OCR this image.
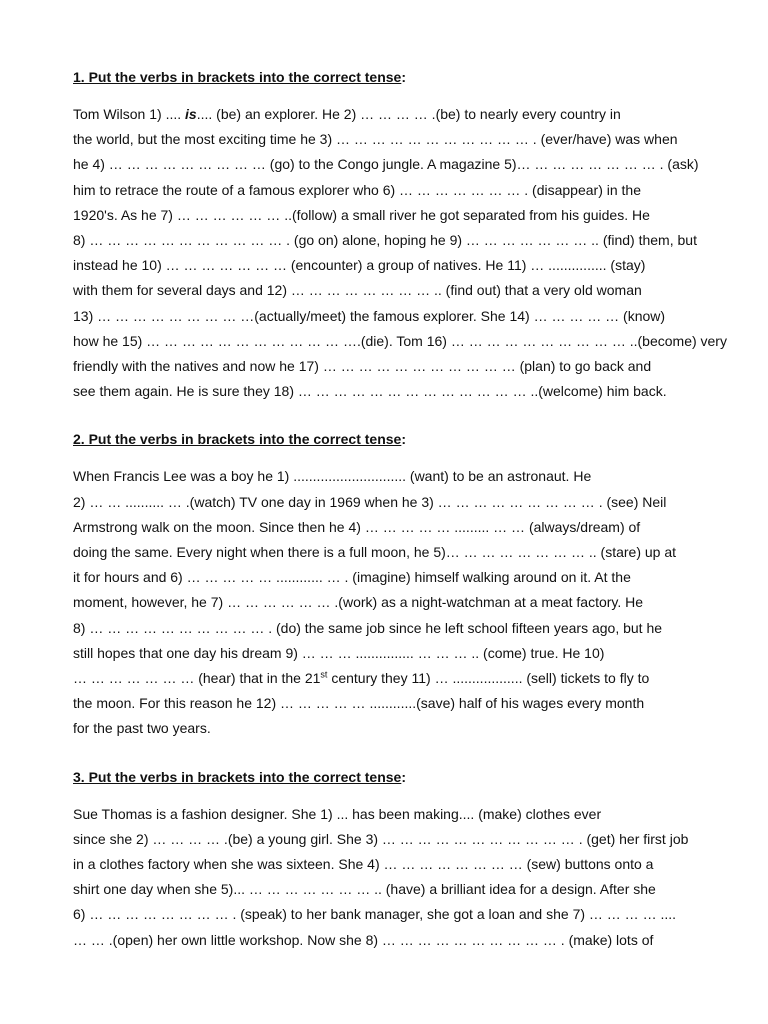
1. Put the verbs in brackets into the correct tense:
Tom Wilson 1) .... is.... (be) an explorer. He 2) … … … … .(be) to nearly every country in
the world, but the most exciting time he 3) … … … … … … … … … … … . (ever/have) was when
he 4) … … … … … … … … … (go) to the Congo jungle. A magazine 5)… … … … … … … … . (ask)
him to retrace the route of a famous explorer who 6) … … … … … … … . (disappear) in the
1920's. As he 7) … … … … … … ..(follow) a small river he got separated from his guides. He
8) … … … … … … … … … … … . (go on) alone, hoping he 9) … … … … … … … .. (find) them, but
instead he 10) … … … … … … … (encounter) a group of natives. He 11) … ............... (stay)
with them for several days and 12) … … … … … … … … .. (find out) that a very old woman
13) … … … … … … … … …(actually/meet) the famous explorer. She 14) … … … … … (know)
how he 15) … … … … … … … … … … … ….(die). Tom 16) … … … … … … … … … … ..(become) very
friendly with the natives and now he 17) … … … … … … … … … … … (plan) to go back and
see them again. He is sure they 18) … … … … … … … … … … … … … ..(welcome) him back.
2. Put the verbs in brackets into the correct tense:
When Francis Lee was a boy he 1) ............................. (want) to be an astronaut. He
2) … … .......... … .(watch) TV one day in 1969 when he 3) … … … … … … … … … . (see) Neil
Armstrong walk on the moon. Since then he 4) … … … … … ......... … … (always/dream) of
doing the same. Every night when there is a full moon, he 5)… … … … … … … … .. (stare) up at
it for hours and 6) … … … … … ............ … . (imagine) himself walking around on it. At the
moment, however, he 7) … … … … … … .(work) as a night-watchman at a meat factory. He
8) … … … … … … … … … … . (do) the same job since he left school fifteen years ago, but he
still hopes that one day his dream 9) … … … ............... … … … .. (come) true. He 10)
… … … … … … … (hear) that in the 21st century they 11) … .................. (sell) tickets to fly to
the moon. For this reason he 12) … … … … … ............(save) half of his wages every month
for the past two years.
3. Put the verbs in brackets into the correct tense:
Sue Thomas is a fashion designer. She 1) ... has been making.... (make) clothes ever
since she 2) … … … … .(be) a young girl. She 3) … … … … … … … … … … … . (get) her first job
in a clothes factory when she was sixteen. She 4) … … … … … … … … (sew) buttons onto a
shirt one day when she 5)... … … … … … … … .. (have) a brilliant idea for a design. After she
6) … … … … … … … … . (speak) to her bank manager, she got a loan and she 7) … … … … ....
… … .(open) her own little workshop. Now she 8) … … … … … … … … … … . (make) lots of
